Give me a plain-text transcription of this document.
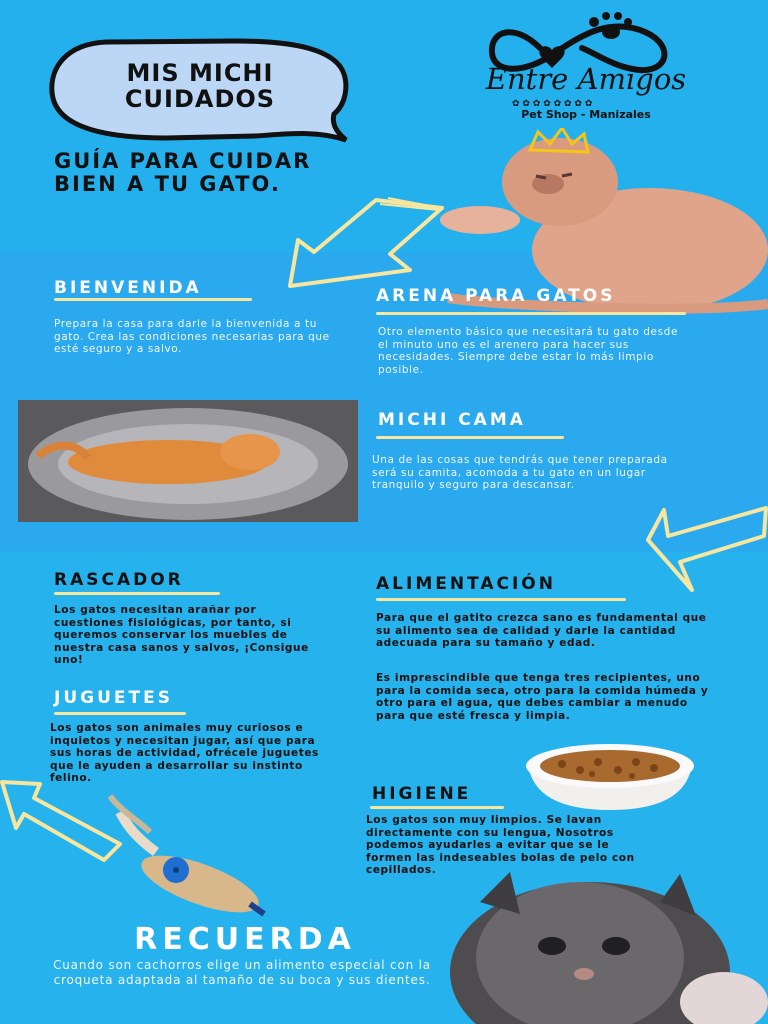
MIS MICHI CUIDADOS
GUÍA PARA CUIDAR BIEN A TU GATO.
✿ ✿ ✿ ✿ ✿ ✿ ✿ ✿
Entre Amigos
Pet Shop - Manizales
BIENVENIDA
Prepara la casa para darle la bienvenida a tu gato. Crea las condiciones necesarias para que esté seguro y a salvo.
ARENA PARA GATOS
Otro elemento básico que necesitará tu gato desde el minuto uno es el arenero para hacer sus necesidades. Siempre debe estar lo más limpio posible.
MICHI CAMA
Una de las cosas que tendrás que tener preparada será su camita, acomoda a tu gato en un lugar tranquilo y seguro para descansar.
RASCADOR
Los gatos necesitan arañar por cuestiones fisiológicas, por tanto, si queremos conservar los muebles de nuestra casa sanos y salvos, ¡Consigue uno!
ALIMENTACIÓN
Para que el gatito crezca sano es fundamental que su alimento sea de calidad y darle la cantidad adecuada para su tamaño y edad.
Es imprescindible que tenga tres recipientes, uno para la comida seca, otro para la comida húmeda y otro para el agua, que debes cambiar a menudo para que esté fresca y limpia.
JUGUETES
Los gatos son animales muy curiosos e inquietos y necesitan jugar, así que para sus horas de actividad, ofrécele juguetes que le ayuden a desarrollar su instinto felino.
HIGIENE
Los gatos son muy limpios. Se lavan directamente con su lengua, Nosotros podemos ayudarles a evitar que se le formen las indeseables bolas de pelo con cepillados.
RECUERDA
Cuando son cachorros elige un alimento especial con la croqueta adaptada al tamaño de su boca y sus dientes.
